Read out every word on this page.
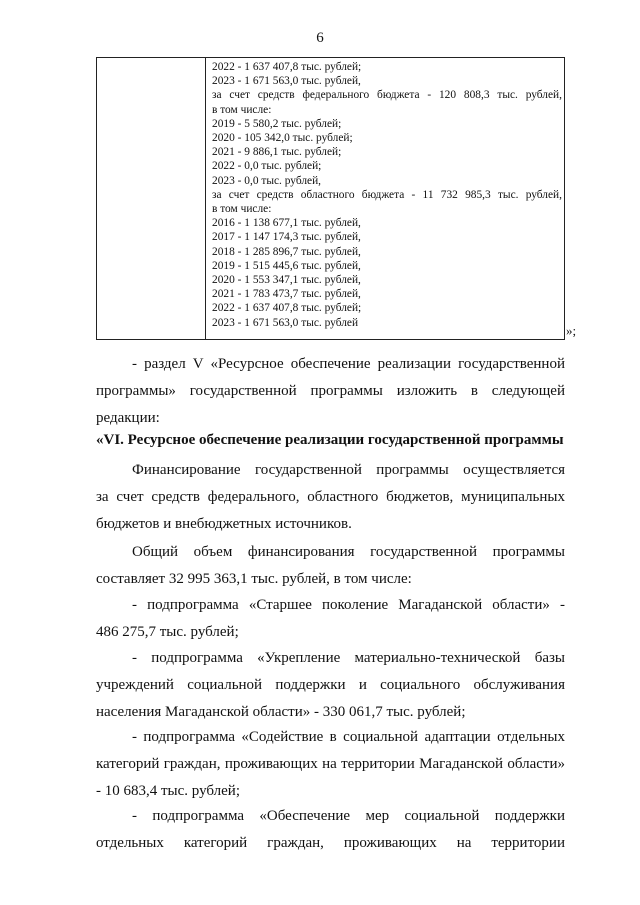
6
2022 - 1 637 407,8 тыс. рублей;
2023 - 1 671 563,0 тыс. рублей,
за счет средств федерального бюджета - 120 808,3 тыс. рублей,
в том числе:
2019 - 5 580,2 тыс. рублей;
2020 - 105 342,0 тыс. рублей;
2021 - 9 886,1 тыс. рублей;
2022 - 0,0 тыс. рублей;
2023 - 0,0 тыс. рублей,
за счет средств областного бюджета - 11 732 985,3 тыс. рублей,
в том числе:
2016 - 1 138 677,1 тыс. рублей,
2017 - 1 147 174,3 тыс. рублей,
2018 - 1 285 896,7 тыс. рублей,
2019 - 1 515 445,6 тыс. рублей,
2020 - 1 553 347,1 тыс. рублей,
2021 - 1 783 473,7 тыс. рублей,
2022 - 1 637 407,8 тыс. рублей;
2023 - 1 671 563,0 тыс. рублей
»;
- раздел V «Ресурсное обеспечение реализации государственной
программы» государственной программы изложить в следующей
редакции:
«VI. Ресурсное обеспечение реализации государственной программы
Финансирование государственной программы осуществляется
за счет средств федерального, областного бюджетов, муниципальных
бюджетов и внебюджетных источников.
Общий объем финансирования государственной программы
составляет 32 995 363,1 тыс. рублей, в том числе:
- подпрограмма «Старшее поколение Магаданской области» -
486 275,7 тыс. рублей;
- подпрограмма «Укрепление материально-технической базы
учреждений социальной поддержки и социального обслуживания
населения Магаданской области» - 330 061,7 тыс. рублей;
- подпрограмма «Содействие в социальной адаптации отдельных
категорий граждан, проживающих на территории Магаданской области»
- 10 683,4 тыс. рублей;
- подпрограмма «Обеспечение мер социальной поддержки
отдельных категорий граждан, проживающих на территории
